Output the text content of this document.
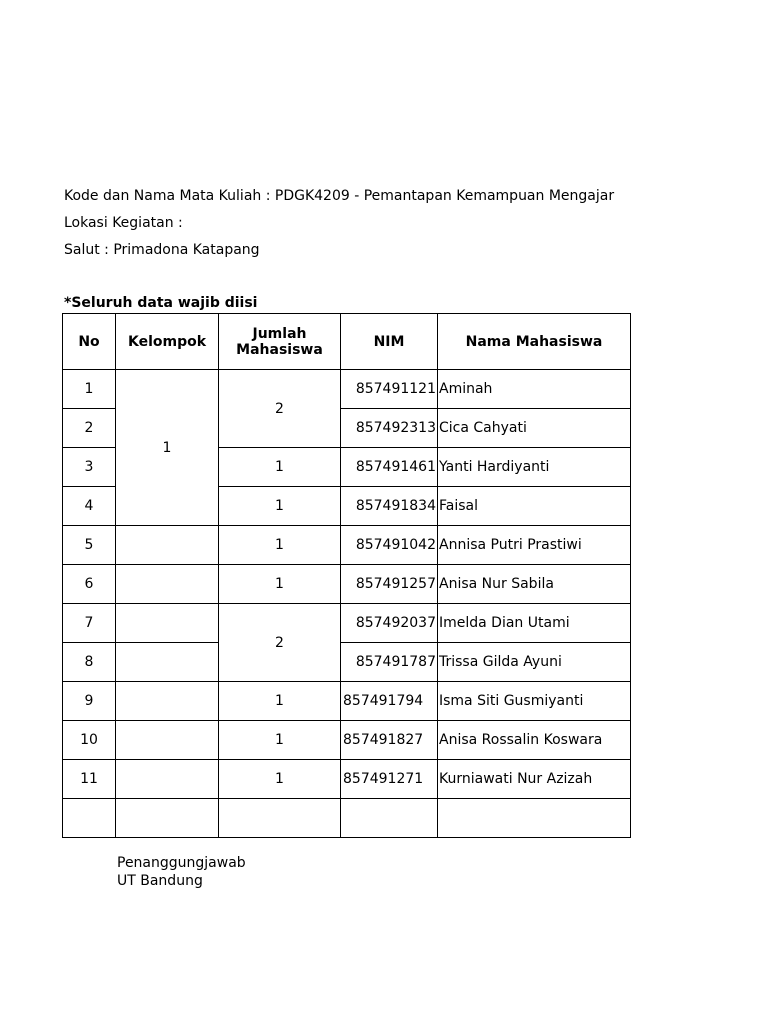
Kode dan Nama Mata Kuliah : PDGK4209 - Pemantapan Kemampuan Mengajar

Lokasi Kegiatan :

Salut : Primadona Katapang

*Seluruh data wajib diisi

No	Kelompok	Jumlah Mahasiswa	NIM	Nama Mahasiswa
1	1	2	857491121	Aminah
2			857492313	Cica Cahyati
3		1	857491461	Yanti Hardiyanti
4		1	857491834	Faisal
5		1	857491042	Annisa Putri Prastiwi
6		1	857491257	Anisa Nur Sabila
7		2	857492037	Imelda Dian Utami
8			857491787	Trissa Gilda Ayuni
9		1	857491794	Isma Siti Gusmiyanti
10		1	857491827	Anisa Rossalin Koswara
11		1	857491271	Kurniawati Nur Azizah

Penanggungjawab
UT Bandung
